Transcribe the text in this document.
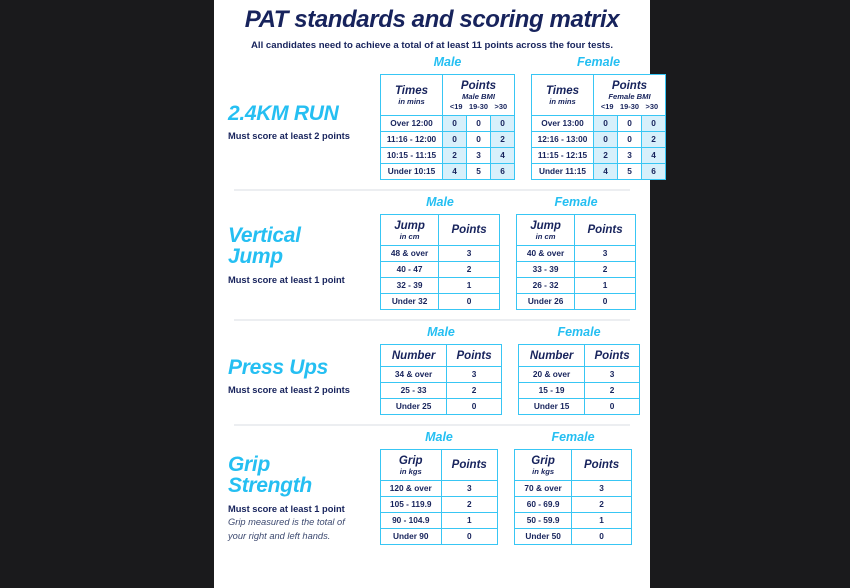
PAT standards and scoring matrix

All candidates need to achieve a total of at least 11 points across the four tests.

2.4KM RUN

Must score at least 2 points

Male
Times
in mins	Points
Male BMI
<19 19-30 >30		

Over 12:00	0	0	0
11:16 - 12:00	0	0	2
10:15 - 11:15	2	3	4
Under 10:15	4	5	6
Female
Times
in mins	Points
Female BMI
<19 19-30 >30		

Over 13:00	0	0	0
12:16 - 13:00	0	0	2
11:15 - 12:15	2	3	4
Under 11:15	4	5	6

Vertical

Jump

Must score at least 1 point

Male
Jump
in cm	Points
48 & over	3
40 - 47	2
32 - 39	1
Under 32	0
Female
Jump
in cm	Points
40 & over	3
33 - 39	2
26 - 32	1
Under 26	0

Press Ups

Must score at least 2 points

Male
Number	Points
34 & over	3
25 - 33	2
Under 25	0
Female
Number	Points
20 & over	3
15 - 19	2
Under 15	0

Grip

Strength

Must score at least 1 point

Grip measured is the total of

your right and left hands.

Male
Grip
in kgs	Points
120 & over	3
105 - 119.9	2
90 - 104.9	1
Under 90	0
Female
Grip
in kgs	Points
70 & over	3
60 - 69.9	2
50 - 59.9	1
Under 50	0
